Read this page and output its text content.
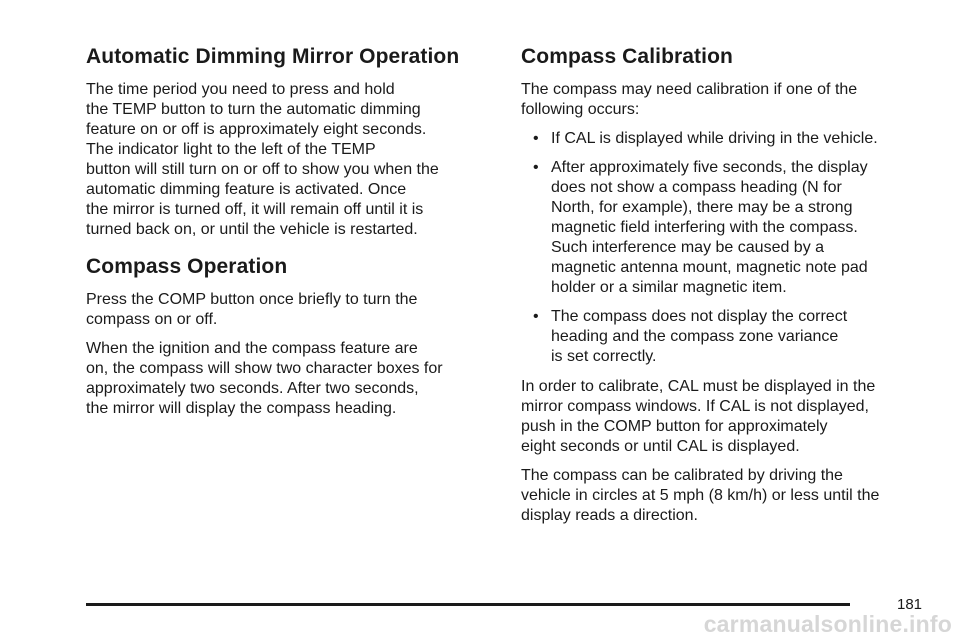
Automatic Dimming Mirror Operation

The time period you need to press and hold
the TEMP button to turn the automatic dimming
feature on or off is approximately eight seconds.
The indicator light to the left of the TEMP
button will still turn on or off to show you when the
automatic dimming feature is activated. Once
the mirror is turned off, it will remain off until it is
turned back on, or until the vehicle is restarted.

Compass Operation

Press the COMP button once briefly to turn the
compass on or off.

When the ignition and the compass feature are
on, the compass will show two character boxes for
approximately two seconds. After two seconds,
the mirror will display the compass heading.

Compass Calibration

The compass may need calibration if one of the
following occurs:

• If CAL is displayed while driving in the vehicle.
• After approximately five seconds, the display
does not show a compass heading (N for
North, for example), there may be a strong
magnetic field interfering with the compass.
Such interference may be caused by a
magnetic antenna mount, magnetic note pad
holder or a similar magnetic item.
• The compass does not display the correct
heading and the compass zone variance
is set correctly.

In order to calibrate, CAL must be displayed in the
mirror compass windows. If CAL is not displayed,
push in the COMP button for approximately
eight seconds or until CAL is displayed.

The compass can be calibrated by driving the
vehicle in circles at 5 mph (8 km/h) or less until the
display reads a direction.

181
carmanualsonline.info
